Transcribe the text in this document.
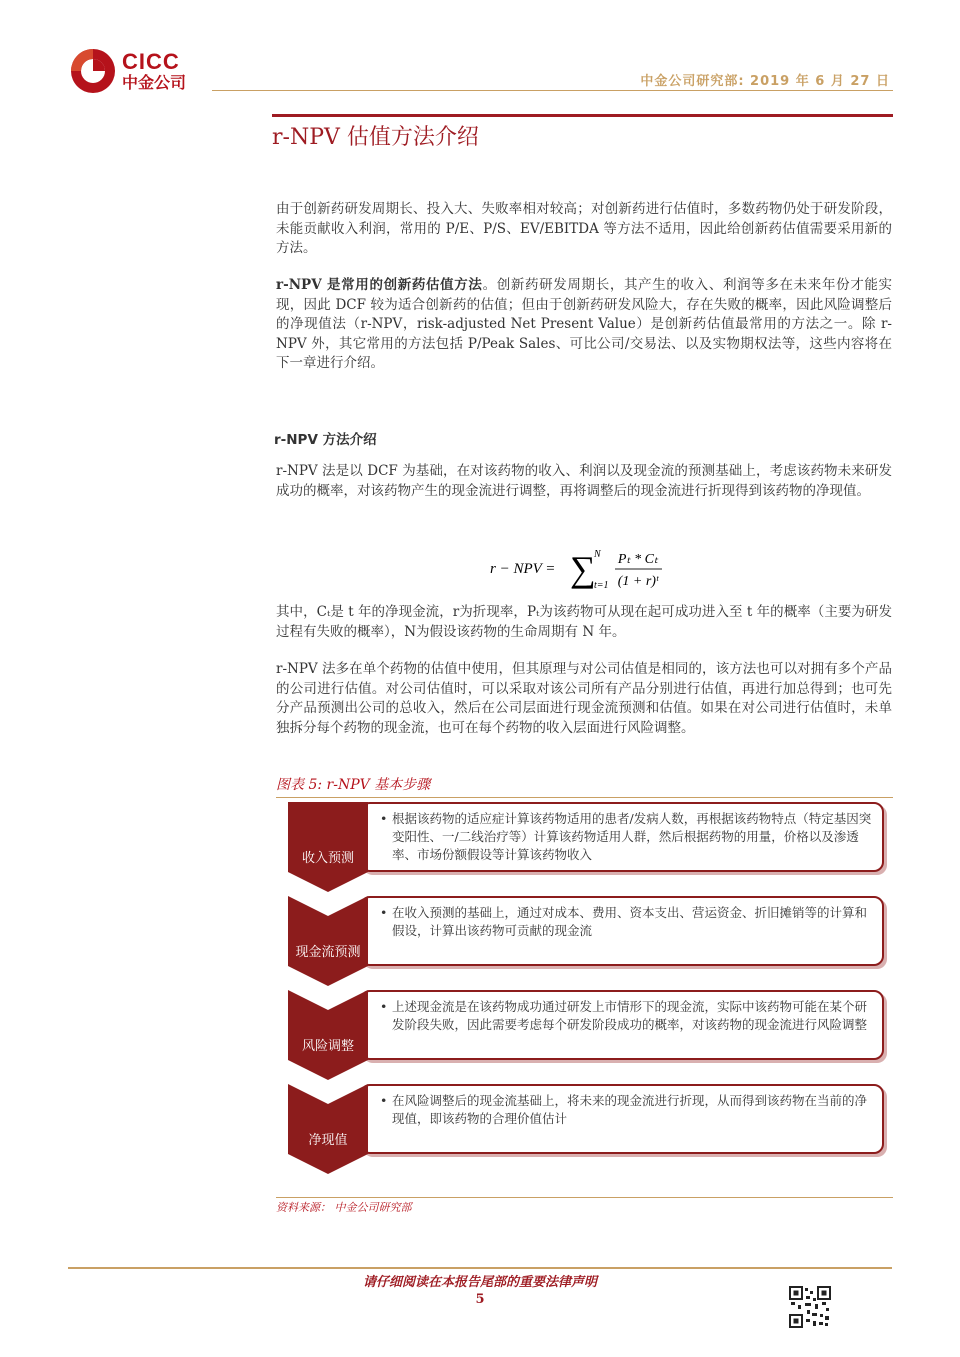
CICC
中金公司	中金公司研究部: 2019 年 6 月 27 日
r-NPV 估值方法介绍

由于创新药研发周期长、投入大、失败率相对较高；对创新药进行估值时，多数药物仍处于研发阶段，未能贡献收入利润，常用的 P/E、P/S、EV/EBITDA 等方法不适用，因此给创新药估值需要采用新的方法。

r-NPV 是常用的创新药估值方法。创新药研发周期长，其产生的收入、利润等多在未来年份才能实现，因此 DCF 较为适合创新药的估值；但由于创新药研发风险大，存在失败的概率，因此风险调整后的净现值法（r-NPV，risk-adjusted Net Present Value）是创新药估值最常用的方法之一。除 r-NPV 外，其它常用的方法包括 P/Peak Sales、可比公司/交易法、以及实物期权法等，这些内容将在下一章进行介绍。

r-NPV 方法介绍

r-NPV 法是以 DCF 为基础，在对该药物的收入、利润以及现金流的预测基础上，考虑该药物未来研发成功的概率，对该药物产生的现金流进行调整，再将调整后的现金流进行折现得到该药物的净现值。

r − NPV = ∑
N
t=1
Pₜ * Cₜ
(1 + r)ᵗ

其中，Cₜ是 t 年的净现金流，r为折现率，Pₜ为该药物可从现在起可成功进入至 t 年的概率（主要为研发过程有失败的概率），N为假设该药物的生命周期有 N 年。

r-NPV 法多在单个药物的估值中使用，但其原理与对公司估值是相同的，该方法也可以对拥有多个产品的公司进行估值。对公司估值时，可以采取对该公司所有产品分别进行估值，再进行加总得到；也可先分产品预测出公司的总收入，然后在公司层面进行现金流预测和估值。如果在对公司进行估值时，未单独拆分每个药物的现金流，也可在每个药物的收入层面进行风险调整。

图表 5: r-NPV 基本步骤
• 根据该药物的适应症计算该药物适用的患者/发病人数，再根据该药物特点（特定基因突变阳性、一/二线治疗等）计算该药物适用人群，然后根据药物的用量，价格以及渗透率、市场份额假设等计算该药物收入
收入预测
• 在收入预测的基础上，通过对成本、费用、资本支出、营运资金、折旧摊销等的计算和假设，计算出该药物可贡献的现金流
现金流预测
• 上述现金流是在该药物成功通过研发上市情形下的现金流，实际中该药物可能在某个研发阶段失败，因此需要考虑每个研发阶段成功的概率，对该药物的现金流进行风险调整
风险调整
• 在风险调整后的现金流基础上，将未来的现金流进行折现，从而得到该药物在当前的净现值，即该药物的合理价值估计
净现值
资料来源： 中金公司研究部
请仔细阅读在本报告尾部的重要法律声明
5
